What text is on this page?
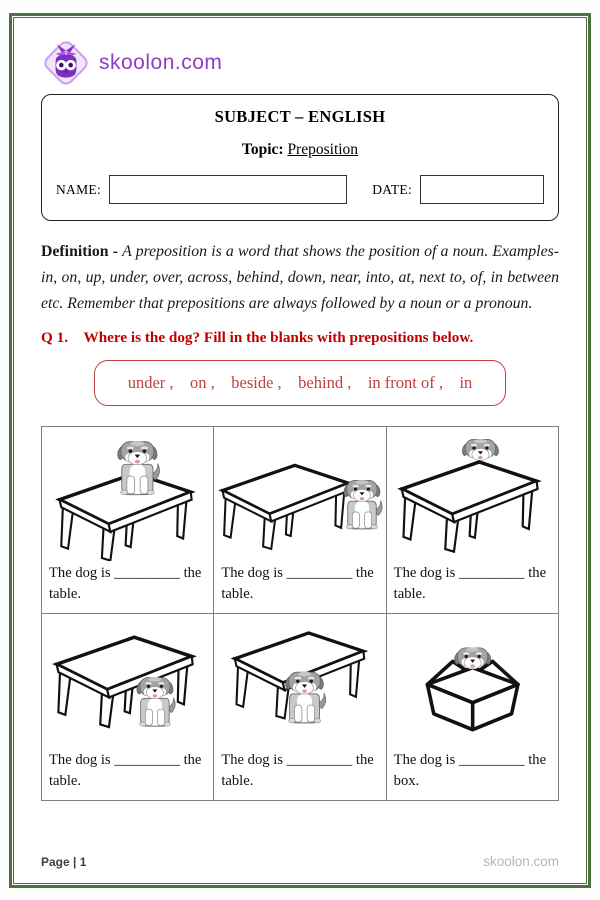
skoolon.com
SUBJECT – ENGLISH
Topic: Preposition
NAME:	DATE:
Definition - A preposition is a word that shows the position of a noun. Examples- in, on, up, under, over, across, behind, down, near, into, at, next to, of, in between etc. Remember that prepositions are always followed by a noun or a pronoun.
Q 1. Where is the dog? Fill in the blanks with prepositions below.
under ,    on ,    beside ,    behind ,    in front of ,    in
The dog is _________ the table.
The dog is _________ the table.
The dog is _________ the table.
The dog is _________ the table.
The dog is _________ the table.
The dog is _________ the box.
Page | 1	skoolon.com
